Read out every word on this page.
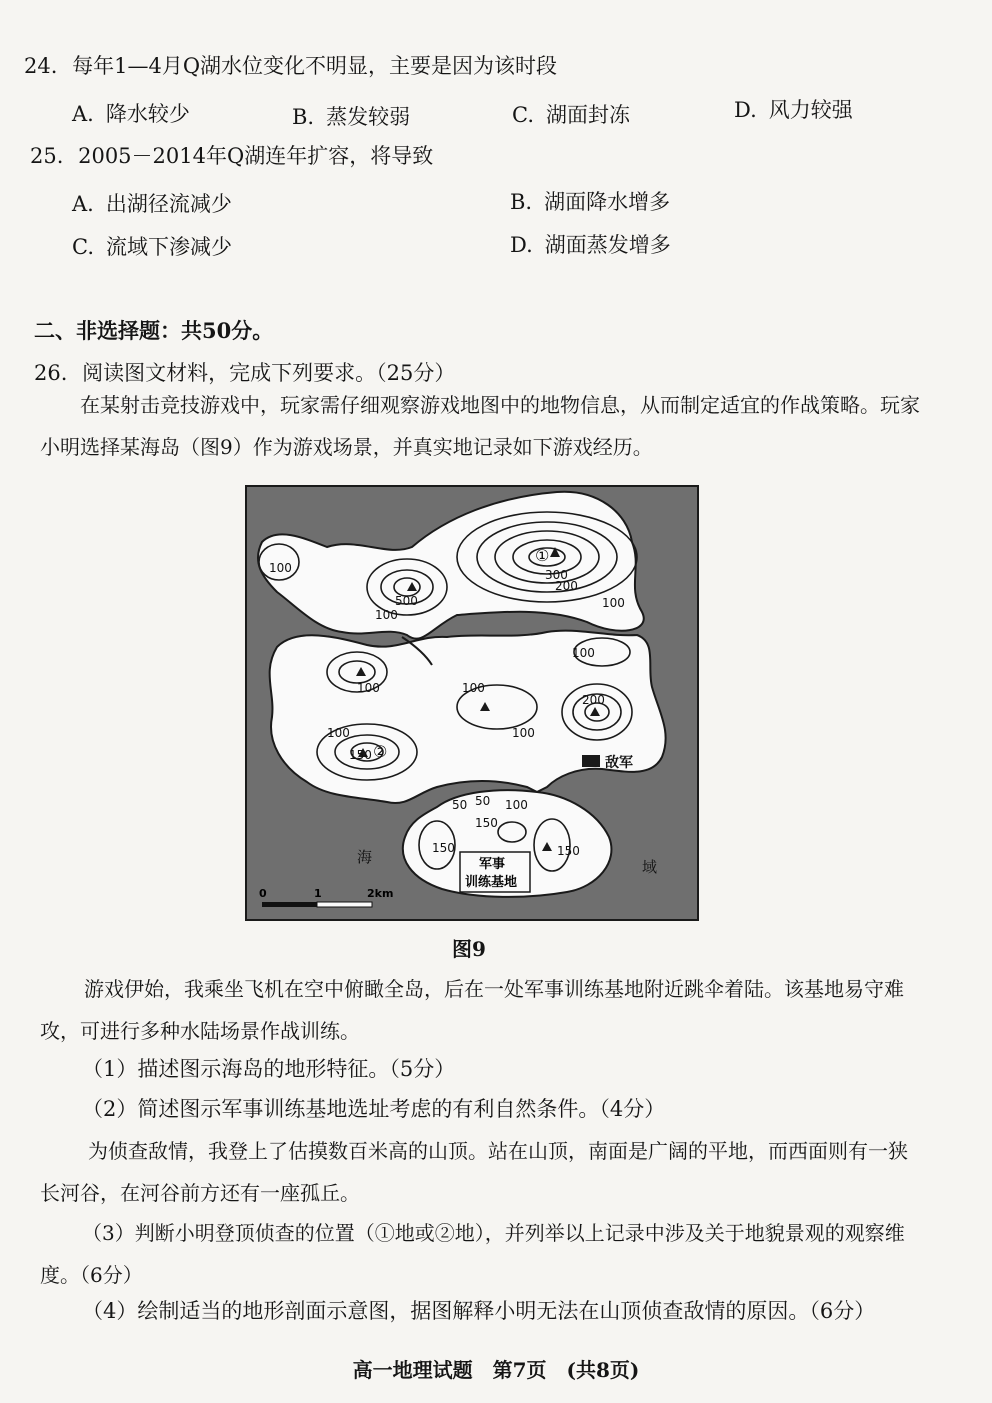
24. 每年1—4月Q湖水位变化不明显，主要是因为该时段
A. 降水较少	B. 蒸发较弱	C. 湖面封冻	D. 风力较强
25. 2005－2014年Q湖连年扩容，将导致
A. 出湖径流减少	B. 湖面降水增多
C. 流域下渗减少	D. 湖面蒸发增多
二、非选择题：共50分。
26. 阅读图文材料，完成下列要求。（25分）
在某射击竞技游戏中，玩家需仔细观察游戏地图中的地物信息，从而制定适宜的作战策略。玩家小明选择某海岛（图9）作为游戏场景，并真实地记录如下游戏经历。
①
②
300
200
500
100
100
100
100	100
100
100
100
150
200
50 50 100
150
150
150
敌军
海
域
军事
训练基地
0	1	2km
图9
游戏伊始，我乘坐飞机在空中俯瞰全岛，后在一处军事训练基地附近跳伞着陆。该基地易守难攻，可进行多种水陆场景作战训练。
（1）描述图示海岛的地形特征。（5分）
（2）简述图示军事训练基地选址考虑的有利自然条件。（4分）
为侦查敌情，我登上了估摸数百米高的山顶。站在山顶，南面是广阔的平地，而西面则有一狭长河谷，在河谷前方还有一座孤丘。
（3）判断小明登顶侦查的位置（①地或②地），并列举以上记录中涉及关于地貌景观的观察维度。（6分）
（4）绘制适当的地形剖面示意图，据图解释小明无法在山顶侦查敌情的原因。（6分）
高一地理试题　第7页　(共8页)
